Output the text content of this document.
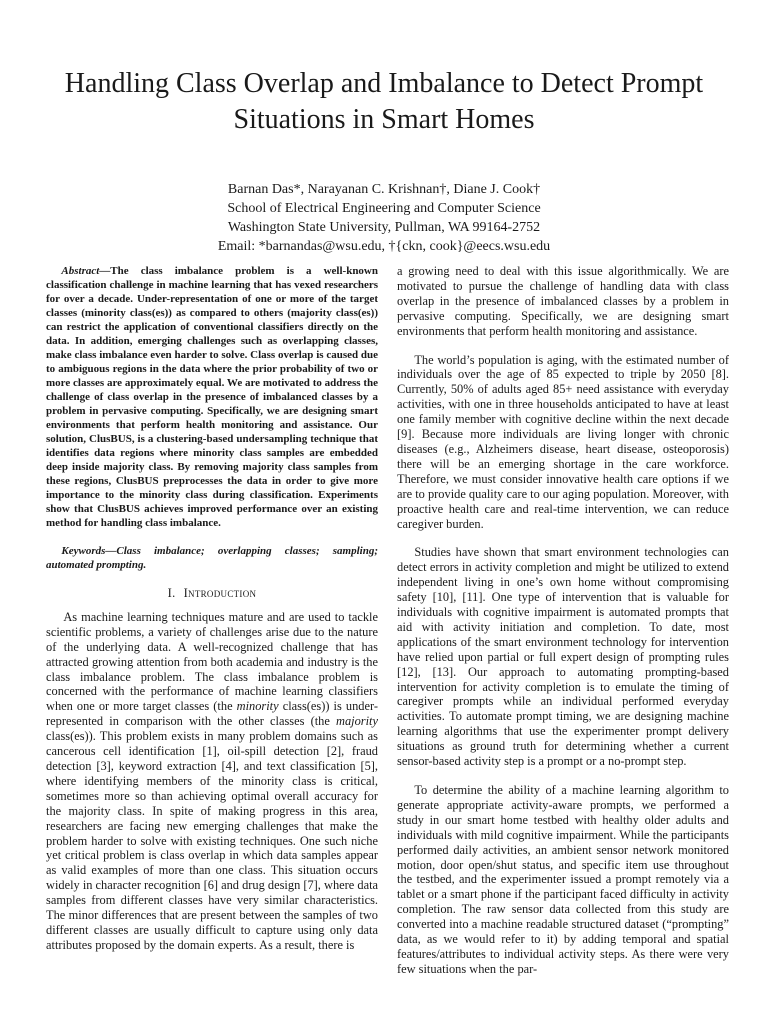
Handling Class Overlap and Imbalance to Detect Prompt Situations in Smart Homes
Barnan Das*, Narayanan C. Krishnan†, Diane J. Cook†
School of Electrical Engineering and Computer Science
Washington State University, Pullman, WA 99164-2752
Email: *barnandas@wsu.edu, †{ckn, cook}@eecs.wsu.edu

Abstract—The class imbalance problem is a well-known classification challenge in machine learning that has vexed researchers for over a decade. Under-representation of one or more of the target classes (minority class(es)) as compared to others (majority class(es)) can restrict the application of conventional classifiers directly on the data. In addition, emerging challenges such as overlapping classes, make class imbalance even harder to solve. Class overlap is caused due to ambiguous regions in the data where the prior probability of two or more classes are approximately equal. We are motivated to address the challenge of class overlap in the presence of imbalanced classes by a problem in pervasive computing. Specifically, we are designing smart environments that perform health monitoring and assistance. Our solution, ClusBUS, is a clustering-based undersampling technique that identifies data regions where minority class samples are embedded deep inside majority class. By removing majority class samples from these regions, ClusBUS preprocesses the data in order to give more importance to the minority class during classification. Experiments show that ClusBUS achieves improved performance over an existing method for handling class imbalance.

Keywords—Class imbalance; overlapping classes; sampling; automated prompting.

I. Introduction

As machine learning techniques mature and are used to tackle scientific problems, a variety of challenges arise due to the nature of the underlying data. A well-recognized challenge that has attracted growing attention from both academia and industry is the class imbalance problem. The class imbalance problem is concerned with the performance of machine learning classifiers when one or more target classes (the minority class(es)) is under-represented in comparison with the other classes (the majority class(es)). This problem exists in many problem domains such as cancerous cell identification [1], oil-spill detection [2], fraud detection [3], keyword extraction [4], and text classification [5], where identifying members of the minority class is critical, sometimes more so than achieving optimal overall accuracy for the majority class. In spite of making progress in this area, researchers are facing new emerging challenges that make the problem harder to solve with existing techniques. One such niche yet critical problem is class overlap in which data samples appear as valid examples of more than one class. This situation occurs widely in character recognition [6] and drug design [7], where data samples from different classes have very similar characteristics. The minor differences that are present between the samples of two different classes are usually difficult to capture using only data attributes proposed by the domain experts. As a result, there is

a growing need to deal with this issue algorithmically. We are motivated to pursue the challenge of handling data with class overlap in the presence of imbalanced classes by a problem in pervasive computing. Specifically, we are designing smart environments that perform health monitoring and assistance.

The world’s population is aging, with the estimated number of individuals over the age of 85 expected to triple by 2050 [8]. Currently, 50% of adults aged 85+ need assistance with everyday activities, with one in three households anticipated to have at least one family member with cognitive decline within the next decade [9]. Because more individuals are living longer with chronic diseases (e.g., Alzheimers disease, heart disease, osteoporosis) there will be an emerging shortage in the care workforce. Therefore, we must consider innovative health care options if we are to provide quality care to our aging population. Moreover, with proactive health care and real-time intervention, we can reduce caregiver burden.

Studies have shown that smart environment technologies can detect errors in activity completion and might be utilized to extend independent living in one’s own home without compromising safety [10], [11]. One type of intervention that is valuable for individuals with cognitive impairment is automated prompts that aid with activity initiation and completion. To date, most applications of the smart environment technology for intervention have relied upon partial or full expert design of prompting rules [12], [13]. Our approach to automating prompting-based intervention for activity completion is to emulate the timing of caregiver prompts while an individual performed everyday activities. To automate prompt timing, we are designing machine learning algorithms that use the experimenter prompt delivery situations as ground truth for determining whether a current sensor-based activity step is a prompt or a no-prompt step.

To determine the ability of a machine learning algorithm to generate appropriate activity-aware prompts, we performed a study in our smart home testbed with healthy older adults and individuals with mild cognitive impairment. While the participants performed daily activities, an ambient sensor network monitored motion, door open/shut status, and specific item use throughout the testbed, and the experimenter issued a prompt remotely via a tablet or a smart phone if the participant faced difficulty in activity completion. The raw sensor data collected from this study are converted into a machine readable structured dataset (“prompting” data, as we would refer to it) by adding temporal and spatial features/attributes to individual activity steps. As there were very few situations when the par-
